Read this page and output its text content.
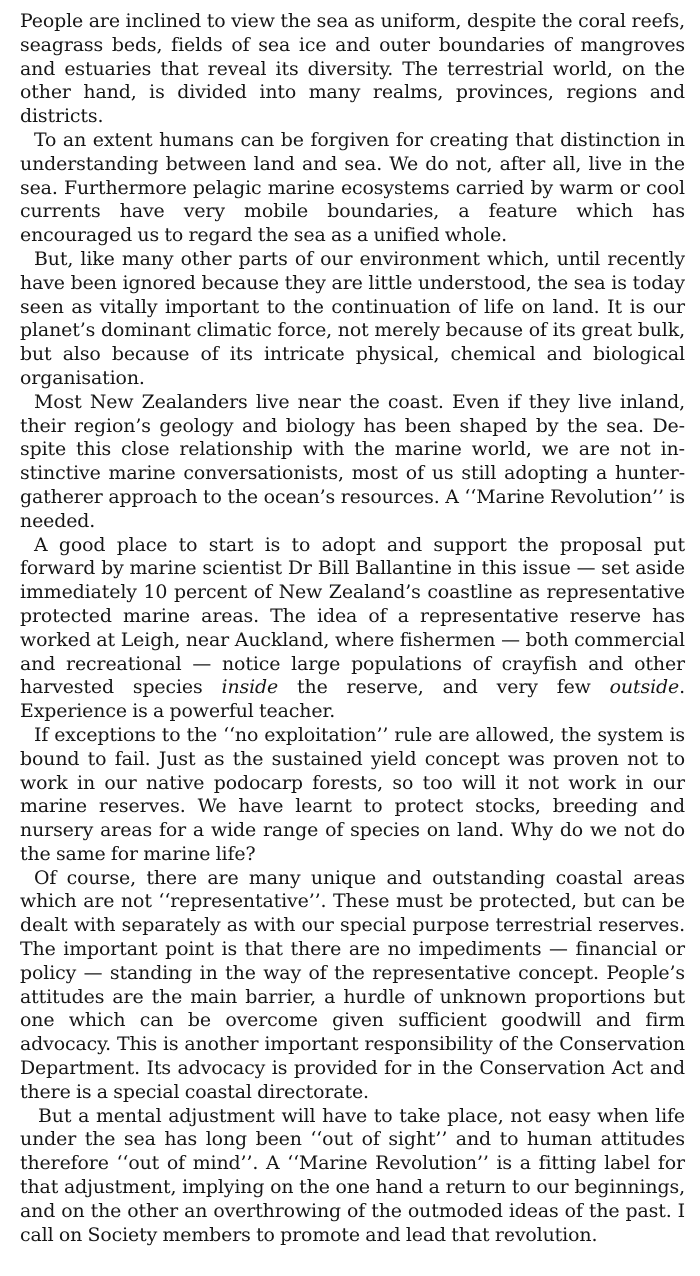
People are inclined to view the sea as uniform, despite the coral reefs, seagrass beds, fields of sea ice and outer boundaries of mangroves and estuaries that reveal its diversity. The terrestrial world, on the other hand, is divided into many realms, provinces, regions and districts.

To an extent humans can be forgiven for creating that distinction in understanding between land and sea. We do not, after all, live in the sea. Furthermore pelagic marine ecosystems carried by warm or cool currents have very mobile boundaries, a feature which has encouraged us to regard the sea as a unified whole.

But, like many other parts of our environment which, until recently have been ignored because they are little understood, the sea is today seen as vitally important to the continuation of life on land. It is our planet’s dominant climatic force, not merely because of its great bulk, but also because of its intricate physical, chemical and biological organisation.

Most New Zealanders live near the coast. Even if they live inland, their region’s geology and biology has been shaped by the sea. Despite this close relationship with the marine world, we are not instinctive marine conversationists, most of us still adopting a hunter-gatherer approach to the ocean’s resources. A ‘‘Marine Revolution’’ is needed.

A good place to start is to adopt and support the proposal put forward by marine scientist Dr Bill Ballantine in this issue — set aside immediately 10 percent of New Zealand’s coastline as representative protected marine areas. The idea of a representative reserve has worked at Leigh, near Auckland, where fishermen — both commercial and recreational — notice large populations of crayfish and other harvested species inside the reserve, and very few outside. Experience is a powerful teacher.

If exceptions to the ‘‘no exploitation’’ rule are allowed, the system is bound to fail. Just as the sustained yield concept was proven not to work in our native podocarp forests, so too will it not work in our marine reserves. We have learnt to protect stocks, breeding and nursery areas for a wide range of species on land. Why do we not do the same for marine life?

Of course, there are many unique and outstanding coastal areas which are not ‘‘representative’’. These must be protected, but can be dealt with separately as with our special purpose terrestrial reserves. The important point is that there are no impediments — financial or policy — standing in the way of the representative concept. People’s attitudes are the main barrier, a hurdle of unknown proportions but one which can be overcome given sufficient goodwill and firm advocacy. This is another important responsibility of the Conservation Department. Its advocacy is provided for in the Conservation Act and there is a special coastal directorate.

But a mental adjustment will have to take place, not easy when life under the sea has long been ‘‘out of sight’’ and to human attitudes therefore ‘‘out of mind’’. A ‘‘Marine Revolution’’ is a fitting label for that adjustment, implying on the one hand a return to our beginnings, and on the other an overthrowing of the outmoded ideas of the past. I call on Society members to promote and lead that revolution.
